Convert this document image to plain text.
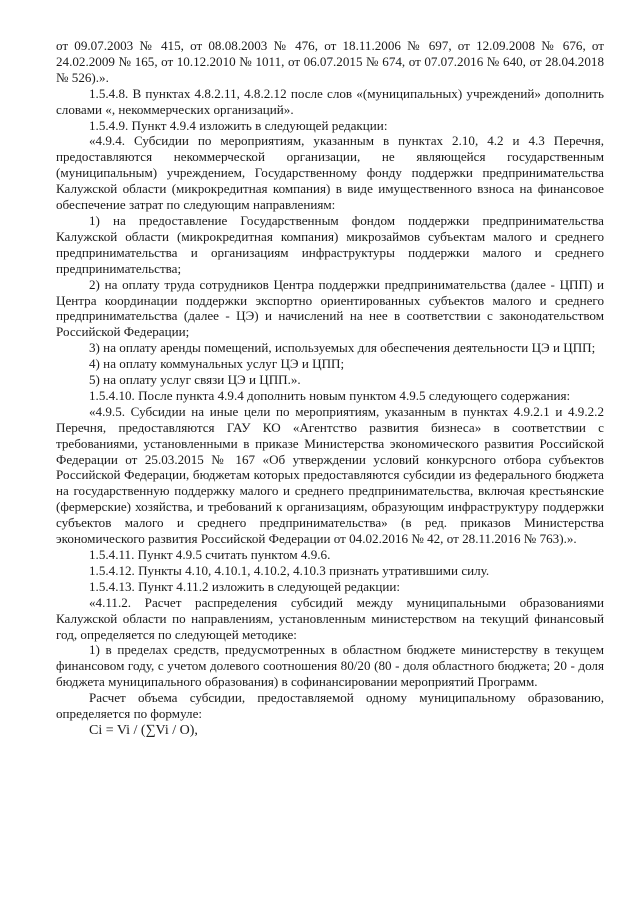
от 09.07.2003 № 415, от 08.08.2003 № 476, от 18.11.2006 № 697, от 12.09.2008 № 676, от 24.02.2009 № 165, от 10.12.2010 № 1011, от 06.07.2015 № 674, от 07.07.2016 № 640, от 28.04.2018 № 526).».

1.5.4.8. В пунктах 4.8.2.11, 4.8.2.12 после слов «(муниципальных) учреждений» дополнить словами «, некоммерческих организаций».

1.5.4.9. Пункт 4.9.4 изложить в следующей редакции:

«4.9.4. Субсидии по мероприятиям, указанным в пунктах 2.10, 4.2 и 4.3 Перечня, предоставляются некоммерческой организации, не являющейся государственным (муниципальным) учреждением, Государственному фонду поддержки предпринимательства Калужской области (микрокредитная компания) в виде имущественного взноса на финансовое обеспечение затрат по следующим направлениям:

1) на предоставление Государственным фондом поддержки предпринимательства Калужской области (микрокредитная компания) микрозаймов субъектам малого и среднего предпринимательства и организациям инфраструктуры поддержки малого и среднего предпринимательства;

2) на оплату труда сотрудников Центра поддержки предпринимательства (далее - ЦПП) и Центра координации поддержки экспортно ориентированных субъектов малого и среднего предпринимательства (далее - ЦЭ) и начислений на нее в соответствии с законодательством Российской Федерации;

3) на оплату аренды помещений, используемых для обеспечения деятельности ЦЭ и ЦПП;

4) на оплату коммунальных услуг ЦЭ и ЦПП;

5) на оплату услуг связи ЦЭ и ЦПП.».

1.5.4.10. После пункта 4.9.4 дополнить новым пунктом 4.9.5 следующего содержания:

«4.9.5. Субсидии на иные цели по мероприятиям, указанным в пунктах 4.9.2.1 и 4.9.2.2 Перечня, предоставляются ГАУ КО «Агентство развития бизнеса» в соответствии с требованиями, установленными в приказе Министерства экономического развития Российской Федерации от 25.03.2015 № 167 «Об утверждении условий конкурсного отбора субъектов Российской Федерации, бюджетам которых предоставляются субсидии из федерального бюджета на государственную поддержку малого и среднего предпринимательства, включая крестьянские (фермерские) хозяйства, и требований к организациям, образующим инфраструктуру поддержки субъектов малого и среднего предпринимательства» (в ред. приказов Министерства экономического развития Российской Федерации от 04.02.2016 № 42, от 28.11.2016 № 763).».

1.5.4.11. Пункт 4.9.5 считать пунктом 4.9.6.

1.5.4.12. Пункты 4.10, 4.10.1, 4.10.2, 4.10.3 признать утратившими силу.

1.5.4.13. Пункт 4.11.2 изложить в следующей редакции:

«4.11.2. Расчет распределения субсидий между муниципальными образованиями Калужской области по направлениям, установленным министерством на текущий финансовый год, определяется по следующей методике:

1) в пределах средств, предусмотренных в областном бюджете министерству в текущем финансовом году, с учетом долевого соотношения 80/20 (80 - доля областного бюджета; 20 - доля бюджета муниципального образования) в софинансировании мероприятий Программ.

Расчет объема субсидии, предоставляемой одному муниципальному образованию, определяется по формуле:

Ci = Vi / (∑Vi / O),
